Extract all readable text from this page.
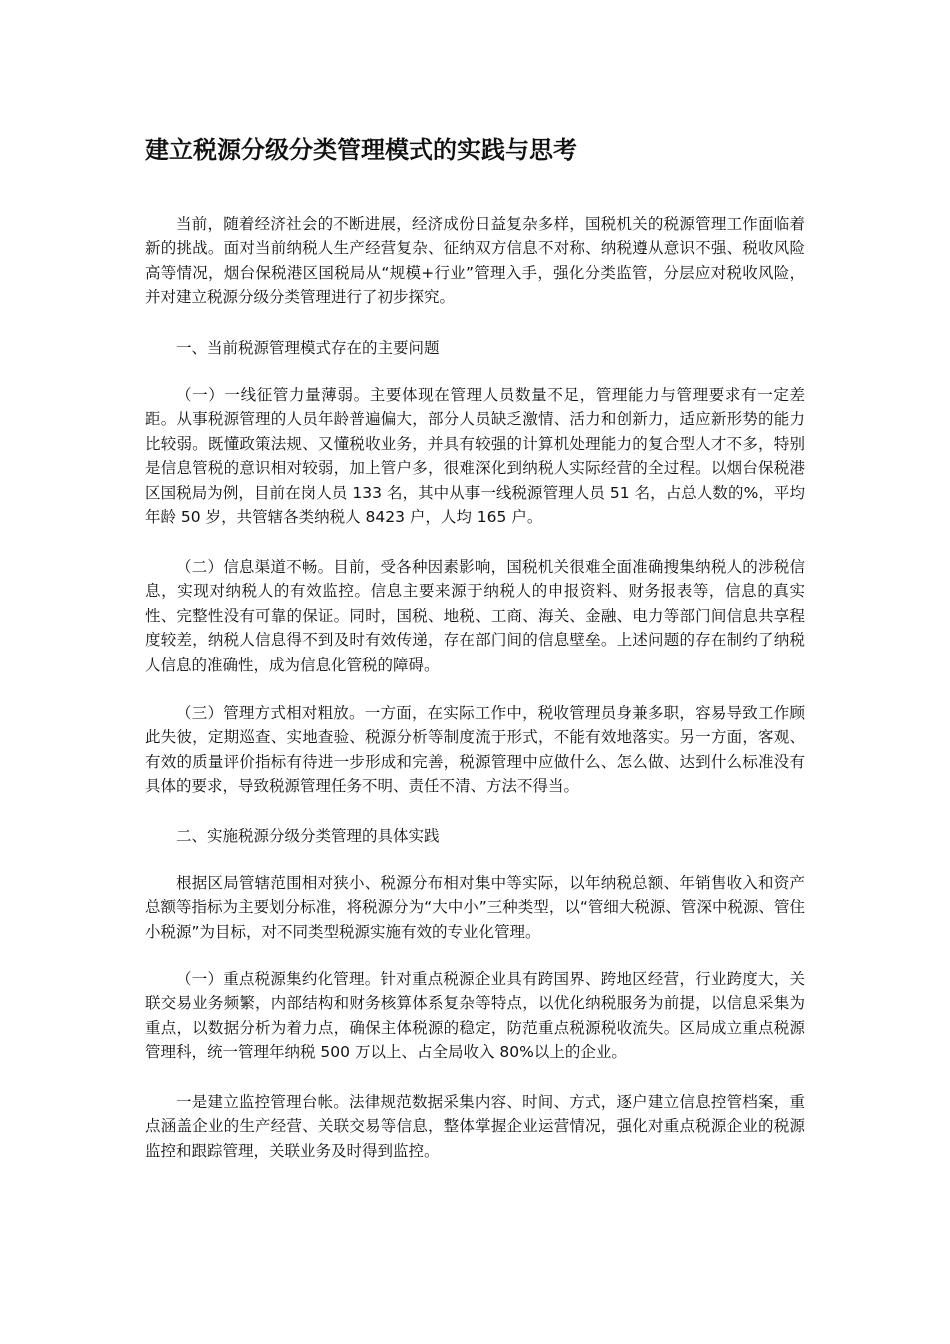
建立税源分级分类管理模式的实践与思考

当前，随着经济社会的不断进展，经济成份日益复杂多样，国税机关的税源管理工作面临着新的挑战。面对当前纳税人生产经营复杂、征纳双方信息不对称、纳税遵从意识不强、税收风险高等情况，烟台保税港区国税局从“规模+行业”管理入手，强化分类监管，分层应对税收风险，并对建立税源分级分类管理进行了初步探究。

一、当前税源管理模式存在的主要问题

（一）一线征管力量薄弱。主要体现在管理人员数量不足，管理能力与管理要求有一定差距。从事税源管理的人员年龄普遍偏大，部分人员缺乏激情、活力和创新力，适应新形势的能力比较弱。既懂政策法规、又懂税收业务，并具有较强的计算机处理能力的复合型人才不多，特别是信息管税的意识相对较弱，加上管户多，很难深化到纳税人实际经营的全过程。以烟台保税港区国税局为例，目前在岗人员 133 名，其中从事一线税源管理人员 51 名，占总人数的%，平均年龄 50 岁，共管辖各类纳税人 8423 户，人均 165 户。

（二）信息渠道不畅。目前，受各种因素影响，国税机关很难全面准确搜集纳税人的涉税信息，实现对纳税人的有效监控。信息主要来源于纳税人的申报资料、财务报表等，信息的真实性、完整性没有可靠的保证。同时，国税、地税、工商、海关、金融、电力等部门间信息共享程度较差，纳税人信息得不到及时有效传递，存在部门间的信息壁垒。上述问题的存在制约了纳税人信息的准确性，成为信息化管税的障碍。

（三）管理方式相对粗放。一方面，在实际工作中，税收管理员身兼多职，容易导致工作顾此失彼，定期巡查、实地查验、税源分析等制度流于形式，不能有效地落实。另一方面，客观、有效的质量评价指标有待进一步形成和完善，税源管理中应做什么、怎么做、达到什么标准没有具体的要求，导致税源管理任务不明、责任不清、方法不得当。

二、实施税源分级分类管理的具体实践

根据区局管辖范围相对狭小、税源分布相对集中等实际，以年纳税总额、年销售收入和资产总额等指标为主要划分标准，将税源分为“大中小”三种类型，以“管细大税源、管深中税源、管住小税源”为目标，对不同类型税源实施有效的专业化管理。

（一）重点税源集约化管理。针对重点税源企业具有跨国界、跨地区经营，行业跨度大，关联交易业务频繁，内部结构和财务核算体系复杂等特点，以优化纳税服务为前提，以信息采集为重点，以数据分析为着力点，确保主体税源的稳定，防范重点税源税收流失。区局成立重点税源管理科，统一管理年纳税 500 万以上、占全局收入 80%以上的企业。

一是建立监控管理台帐。法律规范数据采集内容、时间、方式，逐户建立信息控管档案，重点涵盖企业的生产经营、关联交易等信息，整体掌握企业运营情况，强化对重点税源企业的税源监控和跟踪管理，关联业务及时得到监控。
